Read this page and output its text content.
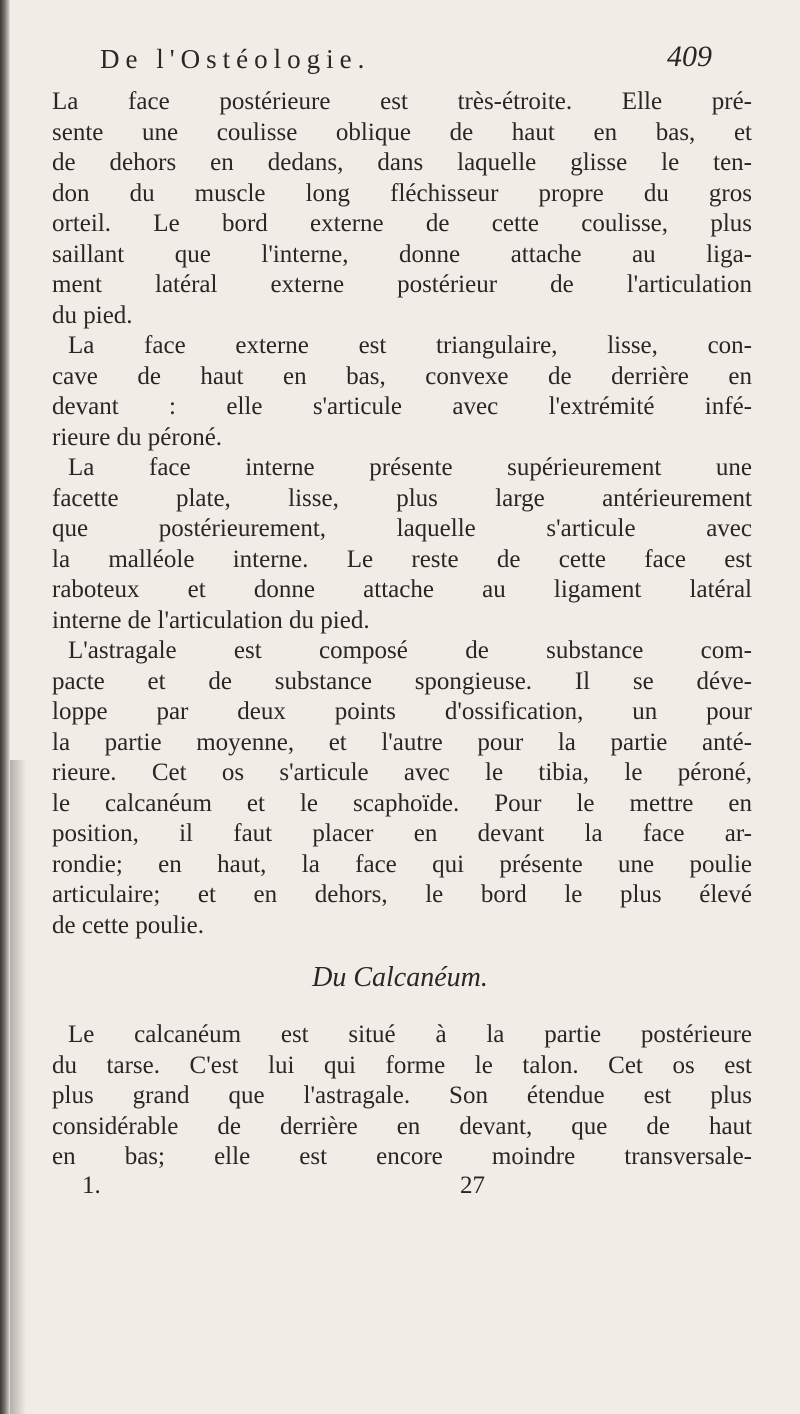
De l'Ostéologie.	409
La face postérieure est très-étroite. Elle pré-
sente une coulisse oblique de haut en bas, et
de dehors en dedans, dans laquelle glisse le ten-
don du muscle long fléchisseur propre du gros
orteil. Le bord externe de cette coulisse, plus
saillant que l'interne, donne attache au liga-
ment latéral externe postérieur de l'articulation
du pied.
La face externe est triangulaire, lisse, con-
cave de haut en bas, convexe de derrière en
devant : elle s'articule avec l'extrémité infé-
rieure du péroné.
La face interne présente supérieurement une
facette plate, lisse, plus large antérieurement
que postérieurement, laquelle s'articule avec
la malléole interne. Le reste de cette face est
raboteux et donne attache au ligament latéral
interne de l'articulation du pied.
L'astragale est composé de substance com-
pacte et de substance spongieuse. Il se déve-
loppe par deux points d'ossification, un pour
la partie moyenne, et l'autre pour la partie anté-
rieure. Cet os s'articule avec le tibia, le péroné,
le calcanéum et le scaphoïde. Pour le mettre en
position, il faut placer en devant la face ar-
rondie; en haut, la face qui présente une poulie
articulaire; et en dehors, le bord le plus élevé
de cette poulie.
Du Calcanéum.
Le calcanéum est situé à la partie postérieure
du tarse. C'est lui qui forme le talon. Cet os est
plus grand que l'astragale. Son étendue est plus
considérable de derrière en devant, que de haut
en bas; elle est encore moindre transversale-
1.	27
